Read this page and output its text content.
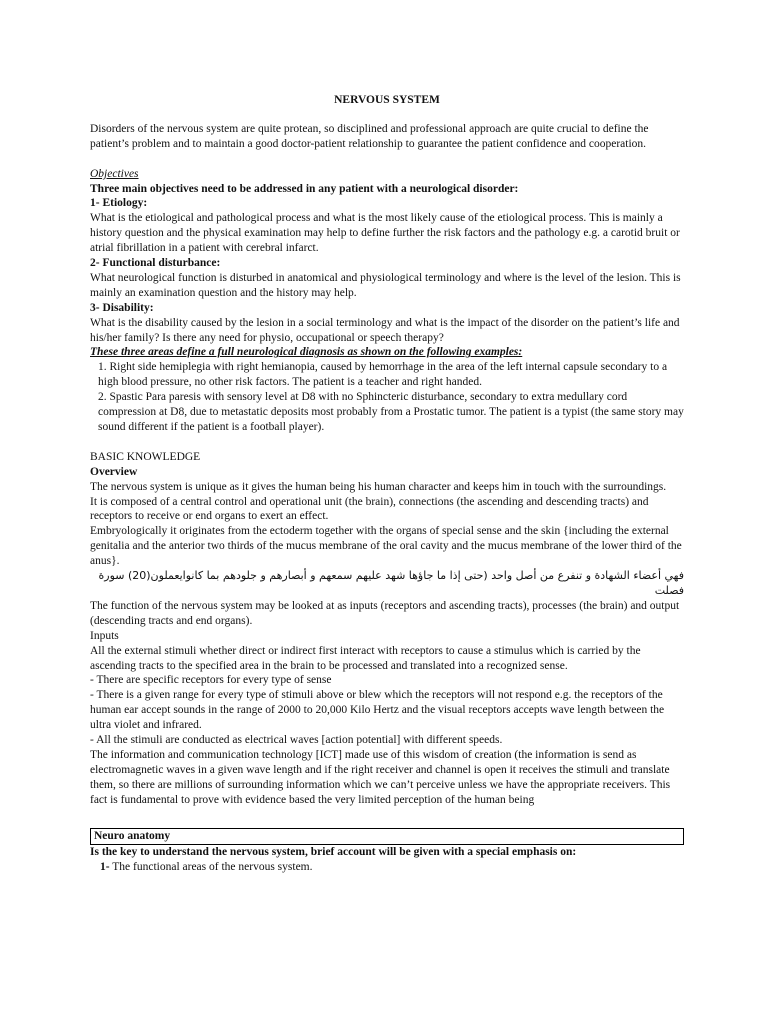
NERVOUS SYSTEM

Disorders of the nervous system are quite protean, so disciplined and professional approach are quite crucial to define the patient’s problem and to maintain a good doctor-patient relationship to guarantee the patient confidence and cooperation.

Objectives

Three main objectives need to be addressed in any patient with a neurological disorder:

1- Etiology:

What is the etiological and pathological process and what is the most likely cause of the etiological process. This is mainly a history question and the physical examination may help to define further the risk factors and the pathology e.g. a carotid bruit or atrial fibrillation in a patient with cerebral infarct.

2- Functional disturbance:

What neurological function is disturbed in anatomical and physiological terminology and where is the level of the lesion. This is mainly an examination question and the history may help.

3- Disability:

What is the disability caused by the lesion in a social terminology and what is the impact of the disorder on the patient’s life and his/her family? Is there any need for physio, occupational or speech therapy?

These three areas define a full neurological diagnosis as shown on the following examples:

1. Right side hemiplegia with right hemianopia, caused by hemorrhage in the area of the left internal capsule secondary to a high blood pressure, no other risk factors. The patient is a teacher and right handed.

2. Spastic Para paresis with sensory level at D8 with no Sphincteric disturbance, secondary to extra medullary cord compression at D8, due to metastatic deposits most probably from a Prostatic tumor. The patient is a typist (the same story may sound different if the patient is a football player).

BASIC KNOWLEDGE

Overview

The nervous system is unique as it gives the human being his human character and keeps him in touch with the surroundings.

It is composed of a central control and operational unit (the brain), connections (the ascending and descending tracts) and receptors to receive or end organs to exert an effect.

Embryologically it originates from the ectoderm together with the organs of special sense and the skin {including the external genitalia and the anterior two thirds of the mucus membrane of the oral cavity and the mucus membrane of the lower third of the anus}.

فهي أعضاء الشهادة و تنفرع من أصل واحد (حتى إذا ما جاؤها شهد عليهم سمعهم و أبصارهم و جلودهم بما كانوايعملون(20) سورة فصلت

The function of the nervous system may be looked at as inputs (receptors and ascending tracts), processes (the brain) and output (descending tracts and end organs).

Inputs

All the external stimuli whether direct or indirect first interact with receptors to cause a stimulus which is carried by the ascending tracts to the specified area in the brain to be processed and translated into a recognized sense.

- There are specific receptors for every type of sense

- There is a given range for every type of stimuli above or blew which the receptors will not respond e.g. the receptors of the human ear accept sounds in the range of 2000 to 20,000 Kilo Hertz and the visual receptors accepts wave length between the ultra violet and infrared.

- All the stimuli are conducted as electrical waves [action potential] with different speeds.

The information and communication technology [ICT] made use of this wisdom of creation (the information is send as electromagnetic waves in a given wave length and if the right receiver and channel is open it receives the stimuli and translate them, so there are millions of surrounding information which we can’t perceive unless we have the appropriate receivers. This fact is fundamental to prove with evidence based the very limited perception of the human being

Neuro anatomy

Is the key to understand the nervous system, brief account will be given with a special emphasis on:

1- The functional areas of the nervous system.
